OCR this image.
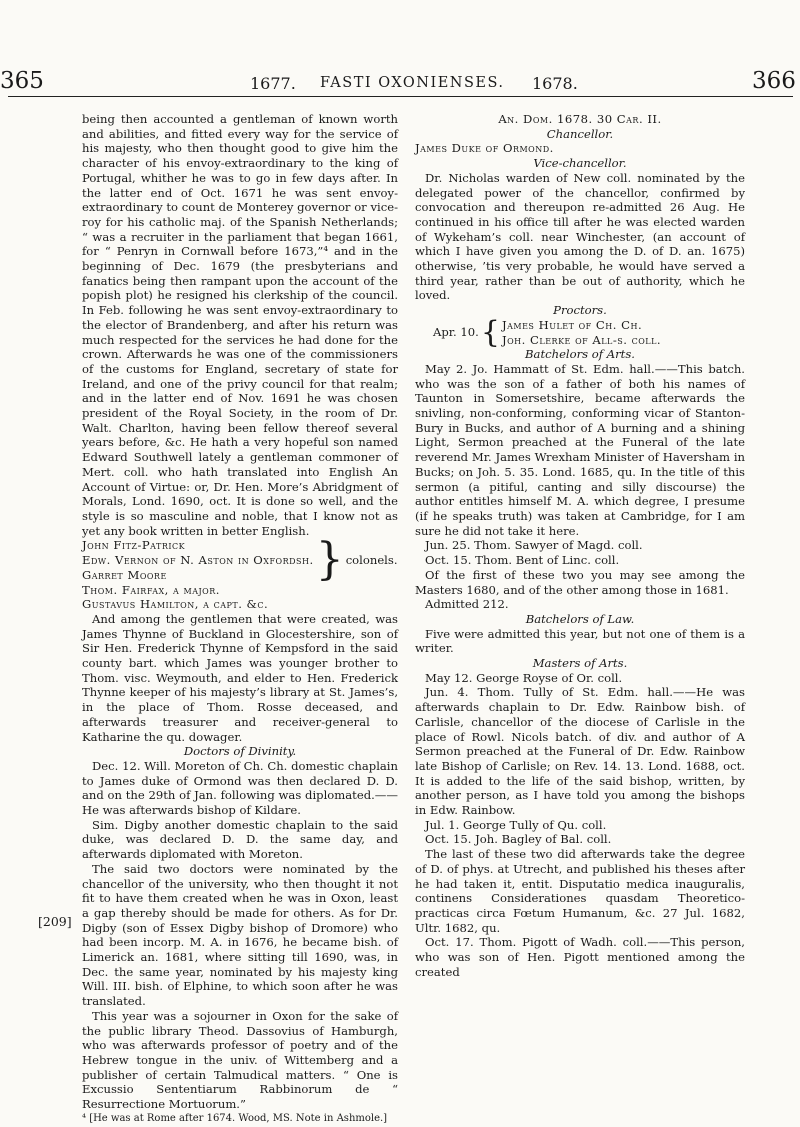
365	1677. FASTI OXONIENSES. 1678.	366
[209]

being then accounted a gentleman of known worth and abilities, and fitted every way for the service of his majesty, who then thought good to give him the character of his envoy-extraordinary to the king of Portugal, whither he was to go in few days after. In the latter end of Oct. 1671 he was sent envoy-extraordinary to count de Monterey governor or vice-roy for his catholic maj. of the Spanish Netherlands; “ was a recruiter in the parliament that began 1661, for “ Penryn in Cornwall before 1673,”⁴ and in the beginning of Dec. 1679 (the presbyterians and fanatics being then rampant upon the account of the popish plot) he resigned his clerkship of the council. In Feb. following he was sent envoy-extraordinary to the elector of Brandenberg, and after his return was much respected for the services he had done for the crown. Afterwards he was one of the commissioners of the customs for England, secretary of state for Ireland, and one of the privy council for that realm; and in the latter end of Nov. 1691 he was chosen president of the Royal Society, in the room of Dr. Walt. Charlton, having been fellow thereof several years before, &c. He hath a very hopeful son named Edward Southwell lately a gentleman commoner of Mert. coll. who hath translated into English An Account of Virtue: or, Dr. Hen. More’s Abridgment of Morals, Lond. 1690, oct. It is done so well, and the style is so masculine and noble, that I know not as yet any book written in better English.

John Fitz-Patrick
Edw. Vernon of N. Aston in Oxfordsh.
Garret Moore	}	colonels.

Thom. Fairfax, a major.

Gustavus Hamilton, a capt. &c.

And among the gentlemen that were created, was James Thynne of Buckland in Glocestershire, son of Sir Hen. Frederick Thynne of Kempsford in the said county bart. which James was younger brother to Thom. visc. Weymouth, and elder to Hen. Frederick Thynne keeper of his majesty’s library at St. James’s, in the place of Thom. Rosse deceased, and afterwards treasurer and receiver-general to Katharine the qu. dowager.

Doctors of Divinity.

Dec. 12. Will. Moreton of Ch. Ch. domestic chaplain to James duke of Ormond was then declared D. D. and on the 29th of Jan. following was diplomated.——He was afterwards bishop of Kildare.

Sim. Digby another domestic chaplain to the said duke, was declared D. D. the same day, and afterwards diplomated with Moreton.

The said two doctors were nominated by the chancellor of the university, who then thought it not fit to have them created when he was in Oxon, least a gap thereby should be made for others. As for Dr. Digby (son of Essex Digby bishop of Dromore) who had been incorp. M. A. in 1676, he became bish. of Limerick an. 1681, where sitting till 1690, was, in Dec. the same year, nominated by his majesty king Will. III. bish. of Elphine, to which soon after he was translated.

This year was a sojourner in Oxon for the sake of the public library Theod. Dassovius of Hamburgh, who was afterwards professor of poetry and of the Hebrew tongue in the univ. of Wittemberg and a publisher of certain Talmudical matters. “ One is Excussio Sententiarum Rabbinorum de “ Resurrectione Mortuorum.”

⁴ [He was at Rome after 1674. Wood, MS. Note in Ashmole.]

An. Dom. 1678. 30 Car. II.

Chancellor.

James Duke of Ormond.

Vice-chancellor.

Dr. Nicholas warden of New coll. nominated by the delegated power of the chancellor, confirmed by convocation and thereupon re-admitted 26 Aug. He continued in his office till after he was elected warden of Wykeham’s coll. near Winchester, (an account of which I have given you among the D. of D. an. 1675) otherwise, ’tis very probable, he would have served a third year, rather than be out of authority, which he loved.

Proctors.

Apr. 10.	{	James Hulet of Ch. Ch.
Joh. Clerke of All-s. coll.

Batchelors of Arts.

May 2. Jo. Hammatt of St. Edm. hall.——This batch. who was the son of a father of both his names of Taunton in Somersetshire, became afterwards the snivling, non-conforming, conforming vicar of Stanton-Bury in Bucks, and author of A burning and a shining Light, Sermon preached at the Funeral of the late reverend Mr. James Wrexham Minister of Haversham in Bucks; on Joh. 5. 35. Lond. 1685, qu. In the title of this sermon (a pitiful, canting and silly discourse) the author entitles himself M. A. which degree, I presume (if he speaks truth) was taken at Cambridge, for I am sure he did not take it here.

Jun. 25. Thom. Sawyer of Magd. coll.

Oct. 15. Thom. Bent of Linc. coll.

Of the first of these two you may see among the Masters 1680, and of the other among those in 1681.

Admitted 212.

Batchelors of Law.

Five were admitted this year, but not one of them is a writer.

Masters of Arts.

May 12. George Royse of Or. coll.

Jun. 4. Thom. Tully of St. Edm. hall.——He was afterwards chaplain to Dr. Edw. Rainbow bish. of Carlisle, chancellor of the diocese of Carlisle in the place of Rowl. Nicols batch. of div. and author of A Sermon preached at the Funeral of Dr. Edw. Rainbow late Bishop of Carlisle; on Rev. 14. 13. Lond. 1688, oct. It is added to the life of the said bishop, written, by another person, as I have told you among the bishops in Edw. Rainbow.

Jul. 1. George Tully of Qu. coll.

Oct. 15. Joh. Bagley of Bal. coll.

The last of these two did afterwards take the degree of D. of phys. at Utrecht, and published his theses after he had taken it, entit. Disputatio medica inauguralis, continens Considerationes quasdam Theoretico-practicas circa Fœtum Humanum, &c. 27 Jul. 1682, Ultr. 1682, qu.

Oct. 17. Thom. Pigott of Wadh. coll.——This person, who was son of Hen. Pigott mentioned among the created
